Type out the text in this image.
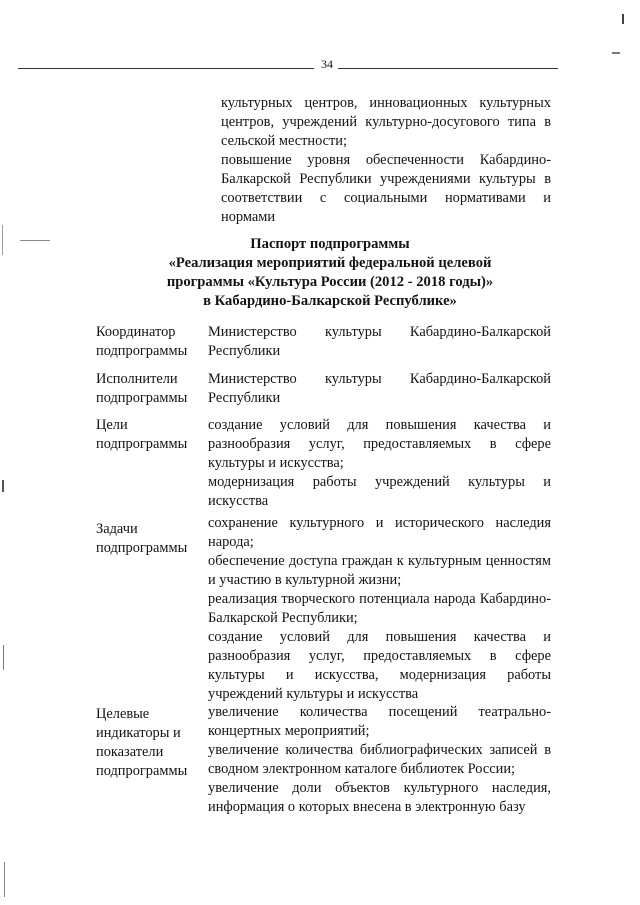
34

культурных центров, инновационных культурных центров, учреждений культурно-досугового типа в сельской местности;

повышение уровня обеспеченности Кабардино-Балкарской Республики учреждениями культуры в соответствии с социальными нормативами и нормами

Паспорт подпрограммы
«Реализация мероприятий федеральной целевой
программы «Культура России (2012 - 2018 годы)»
в Кабардино-Балкарской Республике»
Координатор
подпрограммы

Министерство культуры Кабардино-Балкарской Республики

Исполнители
подпрограммы

Министерство культуры Кабардино-Балкарской Республики

Цели
подпрограммы

создание условий для повышения качества и разнообразия услуг, предоставляемых в сфере культуры и искусства;

модернизация работы учреждений культуры и искусства

Задачи
подпрограммы

сохранение культурного и исторического наследия народа;

обеспечение доступа граждан к культурным ценностям и участию в культурной жизни;

реализация творческого потенциала народа Кабардино-Балкарской Республики;

создание условий для повышения качества и разнообразия услуг, предоставляемых в сфере культуры и искусства, модернизация работы учреждений культуры и искусства

Целевые
индикаторы и
показатели
подпрограммы

увеличение количества посещений театрально-концертных мероприятий;

увеличение количества библиографических записей в сводном электронном каталоге библиотек России;

увеличение доли объектов культурного наследия, информация о которых внесена в электронную базу
